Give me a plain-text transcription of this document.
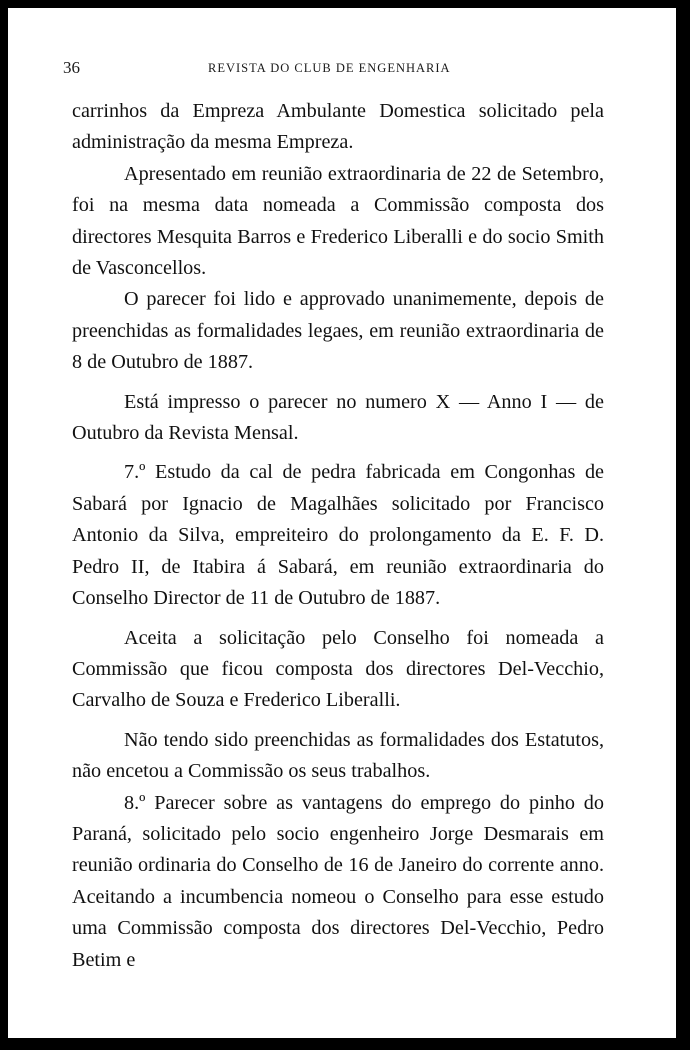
36	REVISTA DO CLUB DE ENGENHARIA

carrinhos da Empreza Ambulante Domestica solicitado pela administração da mesma Empreza.

Apresentado em reunião extraordinaria de 22 de Setembro, foi na mesma data nomeada a Commissão composta dos directores Mesquita Barros e Frederico Liberalli e do socio Smith de Vasconcellos.

O parecer foi lido e approvado unanimemente, depois de preenchidas as formalidades legaes, em reunião extraordinaria de 8 de Outubro de 1887.

Está impresso o parecer no numero X — Anno I — de Outubro da Revista Mensal.

7.º Estudo da cal de pedra fabricada em Congonhas de Sabará por Ignacio de Magalhães solicitado por Francisco Antonio da Silva, empreiteiro do prolongamento da E. F. D. Pedro II, de Itabira á Sabará, em reunião extraordinaria do Conselho Director de 11 de Outubro de 1887.

Aceita a solicitação pelo Conselho foi nomeada a Commissão que ficou composta dos directores Del-Vecchio, Carvalho de Souza e Frederico Liberalli.

Não tendo sido preenchidas as formalidades dos Estatutos, não encetou a Commissão os seus trabalhos.

8.º Parecer sobre as vantagens do emprego do pinho do Paraná, solicitado pelo socio engenheiro Jorge Desmarais em reunião ordinaria do Conselho de 16 de Janeiro do corrente anno. Aceitando a incumbencia nomeou o Conselho para esse estudo uma Commissão composta dos directores Del-Vecchio, Pedro Betim e
